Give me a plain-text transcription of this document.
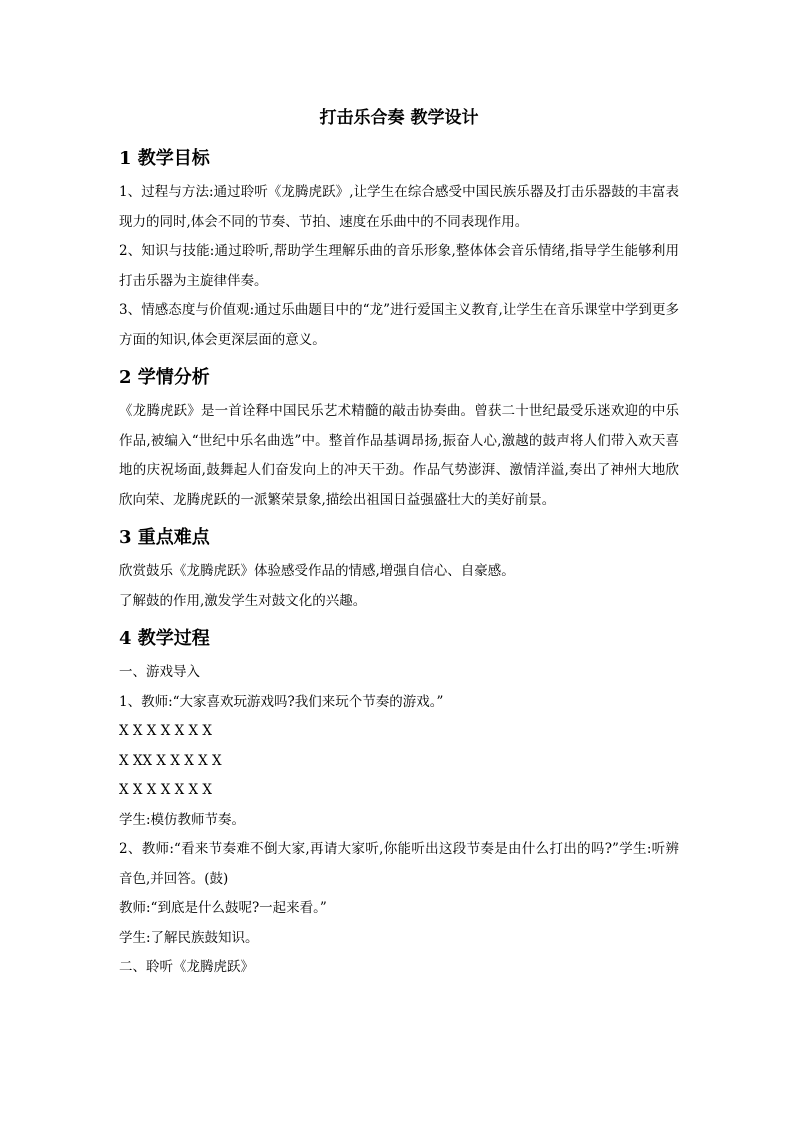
打击乐合奏 教学设计
1 教学目标

1、过程与方法:通过聆听《龙腾虎跃》,让学生在综合感受中国民族乐器及打击乐器鼓的丰富表现力的同时,体会不同的节奏、节拍、速度在乐曲中的不同表现作用。

2、知识与技能:通过聆听,帮助学生理解乐曲的音乐形象,整体体会音乐情绪,指导学生能够利用打击乐器为主旋律伴奏。

3、情感态度与价值观:通过乐曲题目中的“龙”进行爱国主义教育,让学生在音乐课堂中学到更多方面的知识,体会更深层面的意义。

2 学情分析

《龙腾虎跃》是一首诠释中国民乐艺术精髓的敲击协奏曲。曾获二十世纪最受乐迷欢迎的中乐作品,被编入“世纪中乐名曲选”中。整首作品基调昂扬,振奋人心,激越的鼓声将人们带入欢天喜地的庆祝场面,鼓舞起人们奋发向上的冲天干劲。作品气势澎湃、激情洋溢,奏出了神州大地欣欣向荣、龙腾虎跃的一派繁荣景象,描绘出祖国日益强盛壮大的美好前景。

3 重点难点

欣赏鼓乐《龙腾虎跃》体验感受作品的情感,增强自信心、自豪感。

了解鼓的作用,激发学生对鼓文化的兴趣。

4 教学过程

一、游戏导入

1、教师:“大家喜欢玩游戏吗?我们来玩个节奏的游戏。”

X X X X X X X

X XX X X X X X

X X X X X X X

学生:模仿教师节奏。

2、教师:“看来节奏难不倒大家,再请大家听,你能听出这段节奏是由什么打出的吗?”学生:听辨音色,并回答。(鼓)

教师:“到底是什么鼓呢?一起来看。”

学生:了解民族鼓知识。

二、聆听《龙腾虎跃》
